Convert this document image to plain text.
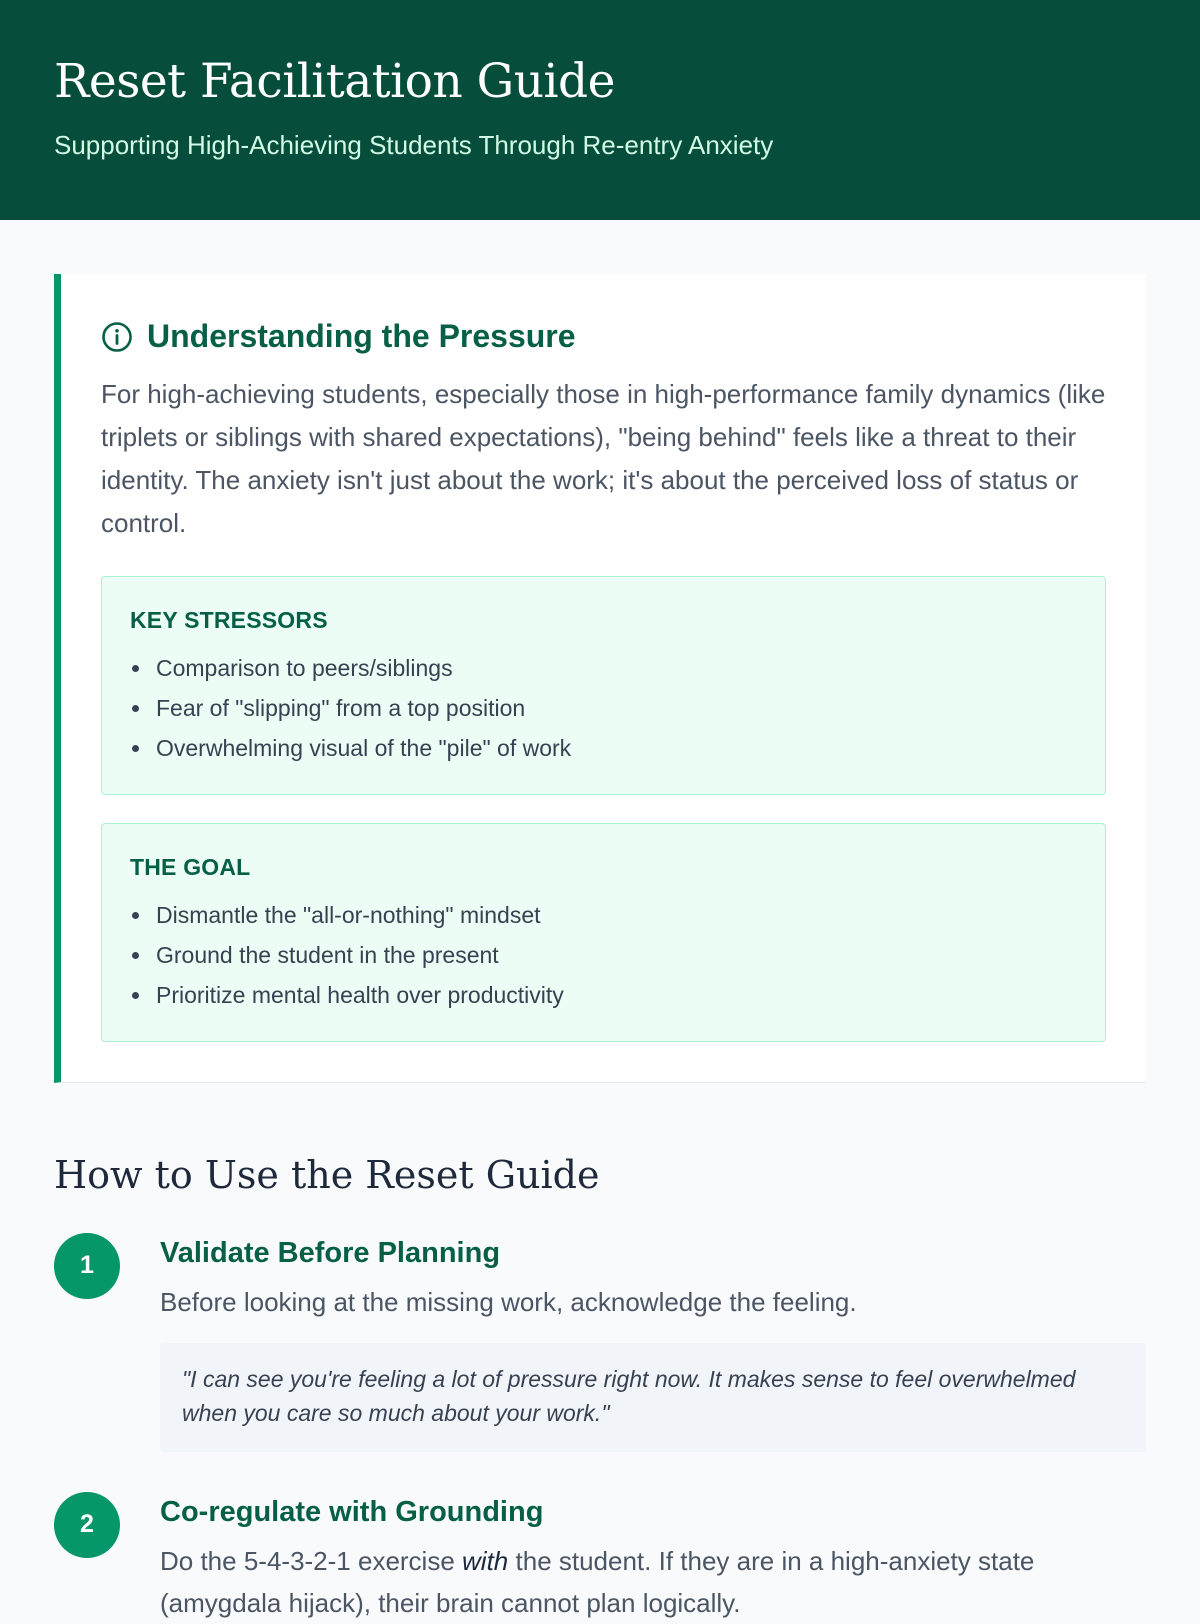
Reset Facilitation Guide

Supporting High-Achieving Students Through Re-entry Anxiety

Understanding the Pressure

For high-achieving students, especially those in high-performance family dynamics (like triplets or siblings with shared expectations), "being behind" feels like a threat to their identity. The anxiety isn't just about the work; it's about the perceived loss of status or control.

KEY STRESSORS
Comparison to peers/siblings
Fear of "slipping" from a top position
Overwhelming visual of the "pile" of work
THE GOAL
Dismantle the "all-or-nothing" mindset
Ground the student in the present
Prioritize mental health over productivity
How to Use the Reset Guide
1	Validate Before Planning

Before looking at the missing work, acknowledge the feeling.

"I can see you're feeling a lot of pressure right now. It makes sense to feel overwhelmed when you care so much about your work."
2	Co-regulate with Grounding

Do the 5-4-3-2-1 exercise with the student. If they are in a high-anxiety state (amygdala hijack), their brain cannot plan logically.
